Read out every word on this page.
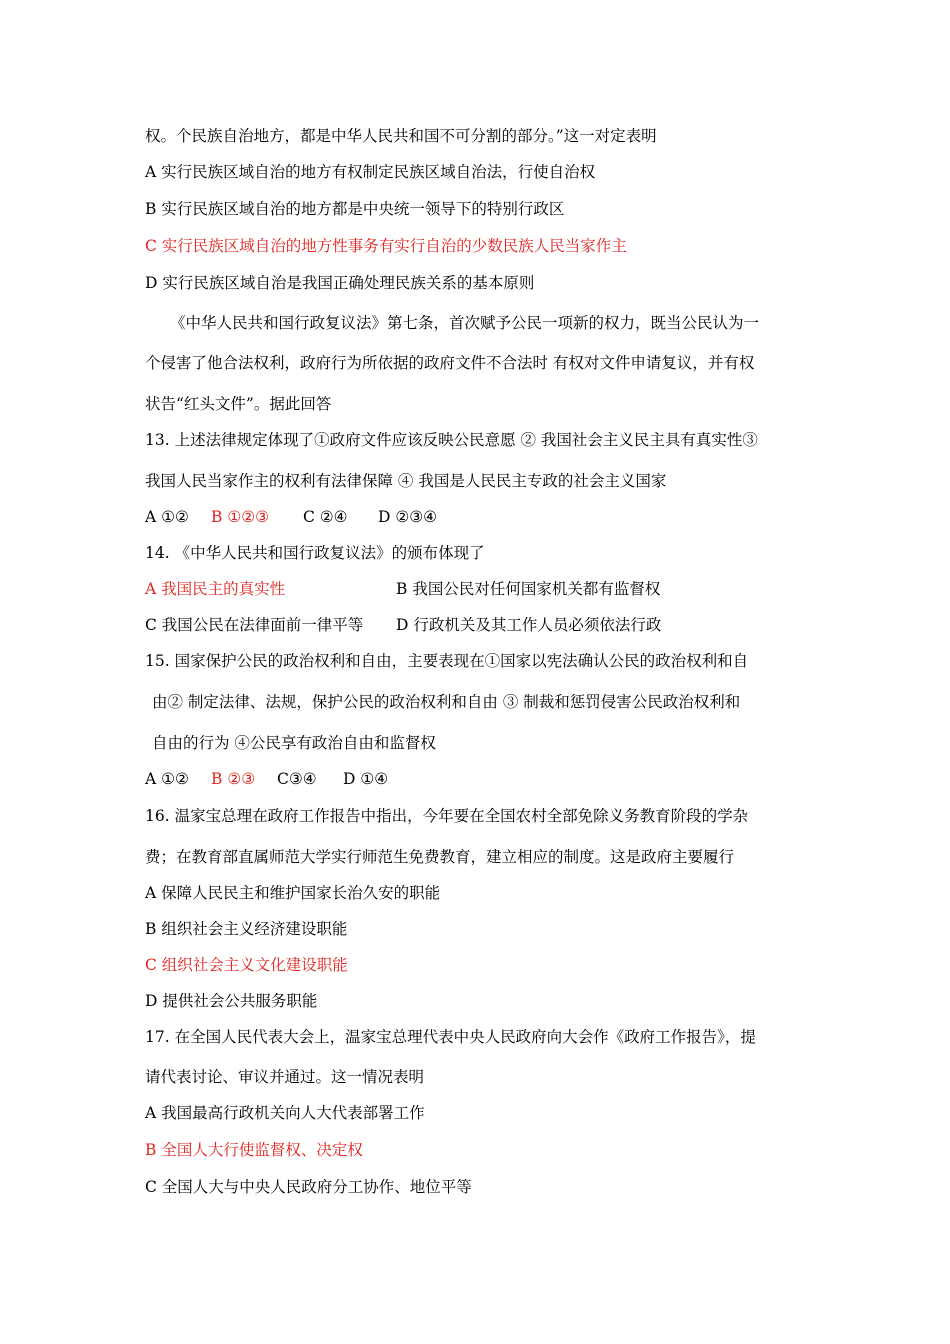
权。个民族自治地方，都是中华人民共和国不可分割的部分。”这一对定表明
A 实行民族区域自治的地方有权制定民族区域自治法，行使自治权
B 实行民族区域自治的地方都是中央统一领导下的特别行政区
C 实行民族区域自治的地方性事务有实行自治的少数民族人民当家作主
D 实行民族区域自治是我国正确处理民族关系的基本原则
《中华人民共和国行政复议法》第七条，首次赋予公民一项新的权力，既当公民认为一
个侵害了他合法权利，政府行为所依据的政府文件不合法时 有权对文件申请复议，并有权
状告“红头文件”。据此回答
13. 上述法律规定体现了①政府文件应该反映公民意愿 ② 我国社会主义民主具有真实性③
我国人民当家作主的权利有法律保障 ④ 我国是人民民主专政的社会主义国家
A ①② B ①②③ C ②④ D ②③④
14. 《中华人民共和国行政复议法》的颁布体现了
A 我国民主的真实性	B 我国公民对任何国家机关都有监督权
C 我国公民在法律面前一律平等 D 行政机关及其工作人员必须依法行政
15. 国家保护公民的政治权利和自由，主要表现在①国家以宪法确认公民的政治权利和自
由② 制定法律、法规，保护公民的政治权利和自由 ③ 制裁和惩罚侵害公民政治权利和
自由的行为 ④公民享有政治自由和监督权
A ①② B ②③ C③④ D ①④
16. 温家宝总理在政府工作报告中指出，今年要在全国农村全部免除义务教育阶段的学杂
费；在教育部直属师范大学实行师范生免费教育，建立相应的制度。这是政府主要履行
A 保障人民民主和维护国家长治久安的职能
B 组织社会主义经济建设职能
C 组织社会主义文化建设职能
D 提供社会公共服务职能
17. 在全国人民代表大会上，温家宝总理代表中央人民政府向大会作《政府工作报告》，提
请代表讨论、审议并通过。这一情况表明
A 我国最高行政机关向人大代表部署工作
B 全国人大行使监督权、决定权
C 全国人大与中央人民政府分工协作、地位平等
